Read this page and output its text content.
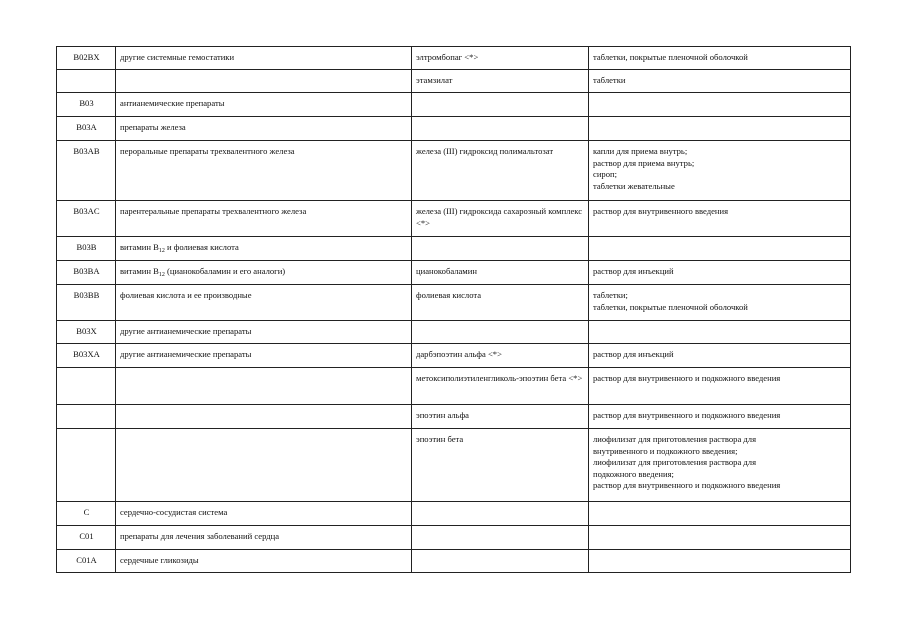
B02BX	другие системные гемостатики	элтромбопаг <*>	таблетки, покрытые пленочной оболочкой

		этамзилат	таблетки

B03	антианемические препараты		
B03A	препараты железа		
B03AB	пероральные препараты трехвалентного железа	железа (III) гидроксид полимальтозат	капли для приема внутрь;
раствор для приема внутрь;
сироп;
таблетки жевательные

B03AC	парентеральные препараты трехвалентного железа	железа (III) гидроксида сахарозный комплекс <*>	раствор для внутривенного введения

B03B	витамин $B_{12}$ и фолиевая кислота		
B03BA	витамин $B_{12}$ (цианокобаламин и его аналоги)	цианокобаламин	раствор для инъекций

B03BB	фолиевая кислота и ее производные	фолиевая кислота	таблетки;
таблетки, покрытые пленочной оболочкой

B03X	другие антианемические препараты		
B03XA	другие антианемические препараты	дарбэпоэтин альфа <*>	раствор для инъекций

		метоксиполиэтиленгликоль-эпоэтин бета <*>	раствор для внутривенного и подкожного введения

		эпоэтин альфа	раствор для внутривенного и подкожного введения

		эпоэтин бета	лиофилизат для приготовления раствора для
внутривенного и подкожного введения;
лиофилизат для приготовления раствора для
подкожного введения;
раствор для внутривенного и подкожного введения

C	сердечно-сосудистая система		
C01	препараты для лечения заболеваний сердца		
C01A	сердечные гликозиды		
